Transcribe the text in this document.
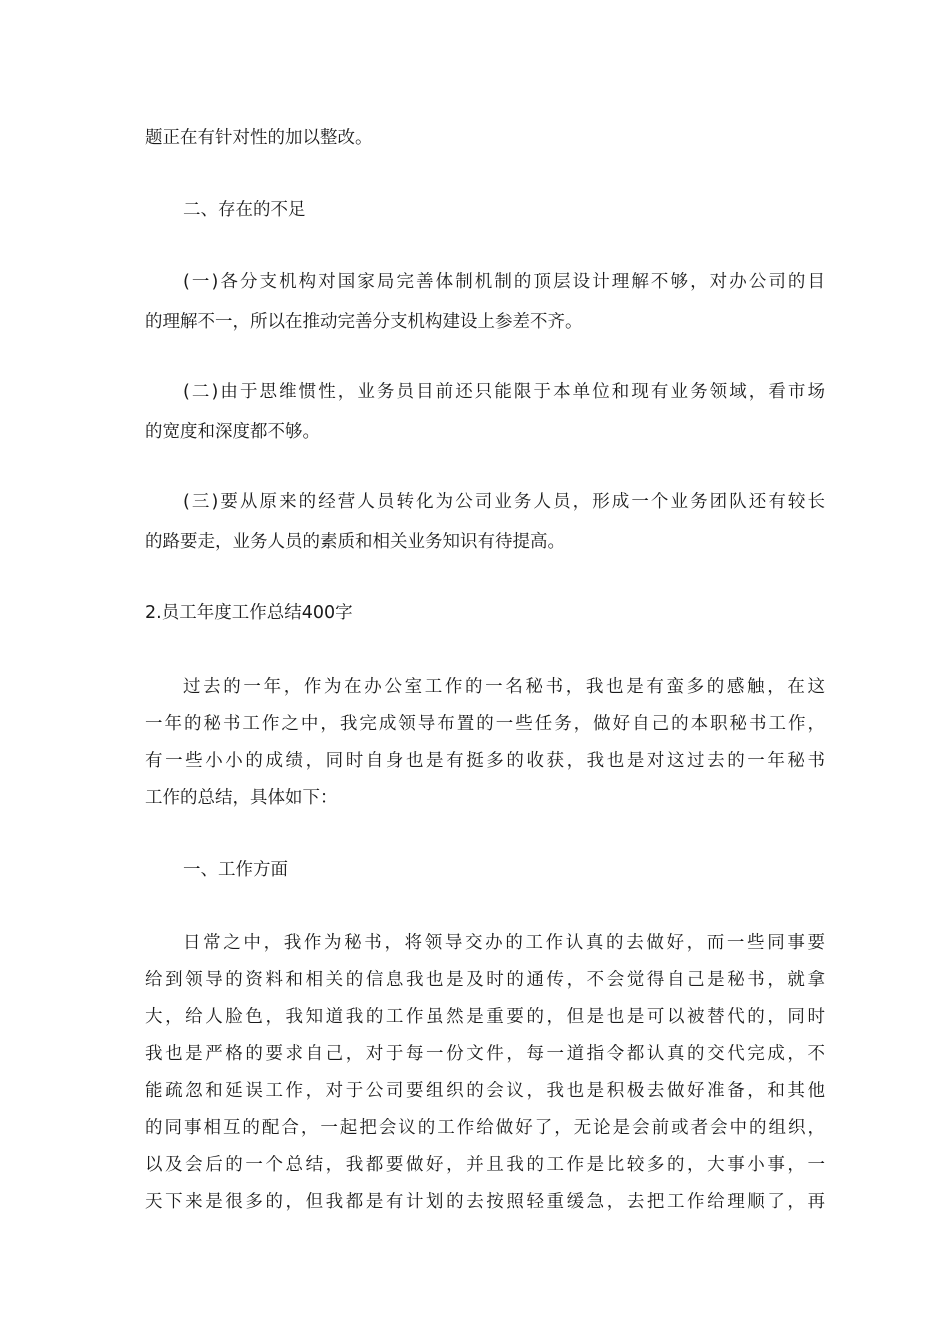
题正在有针对性的加以整改。
二、存在的不足
(一)各分支机构对国家局完善体制机制的顶层设计理解不够，对办公司的目
的理解不一，所以在推动完善分支机构建设上参差不齐。
(二)由于思维惯性，业务员目前还只能限于本单位和现有业务领域，看市场
的宽度和深度都不够。
(三)要从原来的经营人员转化为公司业务人员，形成一个业务团队还有较长
的路要走，业务人员的素质和相关业务知识有待提高。
2.员工年度工作总结400字
过去的一年，作为在办公室工作的一名秘书，我也是有蛮多的感触，在这
一年的秘书工作之中，我完成领导布置的一些任务，做好自己的本职秘书工作，
有一些小小的成绩，同时自身也是有挺多的收获，我也是对这过去的一年秘书
工作的总结，具体如下：
一、工作方面
日常之中，我作为秘书，将领导交办的工作认真的去做好，而一些同事要
给到领导的资料和相关的信息我也是及时的通传，不会觉得自己是秘书，就拿
大，给人脸色，我知道我的工作虽然是重要的，但是也是可以被替代的，同时
我也是严格的要求自己，对于每一份文件，每一道指令都认真的交代完成，不
能疏忽和延误工作，对于公司要组织的会议，我也是积极去做好准备，和其他
的同事相互的配合，一起把会议的工作给做好了，无论是会前或者会中的组织，
以及会后的一个总结，我都要做好，并且我的工作是比较多的，大事小事，一
天下来是很多的，但我都是有计划的去按照轻重缓急，去把工作给理顺了，再
